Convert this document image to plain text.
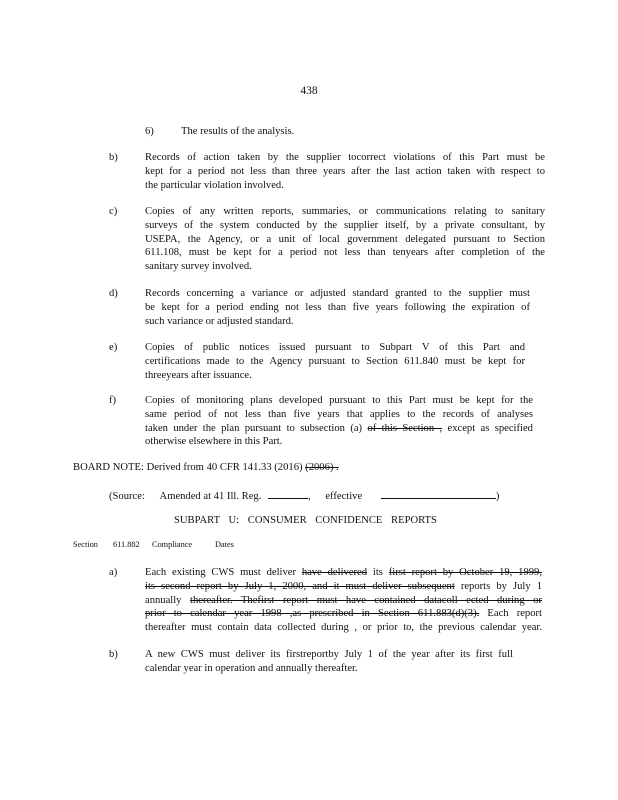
438
6)	The results of the analysis.
b)	Records of action taken by the supplier tocorrect violations of this Part must be
kept for a period not less than three years after the last action taken with respect to
the particular violation involved.
c)	Copies of any written reports, summaries, or communications relating to sanitary
surveys of the system conducted by the supplier itself, by a private consultant, by
USEPA, the Agency, or a unit of local government delegated pursuant to Section
611.108, must be kept for a period not less than tenyears after completion of the
sanitary survey involved.
d)	Records concerning a variance or adjusted standard granted to the supplier must
be kept for a period ending not less than five years following the expiration of
such variance or adjusted standard.
e)	Copies of public notices issued pursuant to Subpart V of this Part and
certifications made to the Agency pursuant to Section 611.840 must be kept for
threeyears after issuance.
f)	Copies of monitoring plans developed pursuant to this Part must be kept for the
same period of not less than five years that applies to the records of analyses
taken under the plan pursuant to subsection (a) of this Section , except as specified
otherwise elsewhere in this Part.
BOARD NOTE: Derived from 40 CFR 141.33 (2016) (2006) .
(Source: Amended at 41 Ill. Reg.	, effective	)
SUBPART U: CONSUMER CONFIDENCE REPORTS
Section 611.882 Compliance	Dates
a)	Each existing CWS must deliver have delivered its first report by October 19, 1999,
its second report by July 1, 2000, and it must deliver subsequent reports by July 1
annually thereafter. Thefirst report must have contained datacoll ected during or
prior to calendar year 1998 ,as prescribed in Section 611.883(d)(3). Each report
thereafter must contain data collected during , or prior to, the previous calendar year.
b)	A new CWS must deliver its firstreportby July 1 of the year after its first full
calendar year in operation and annually thereafter.
